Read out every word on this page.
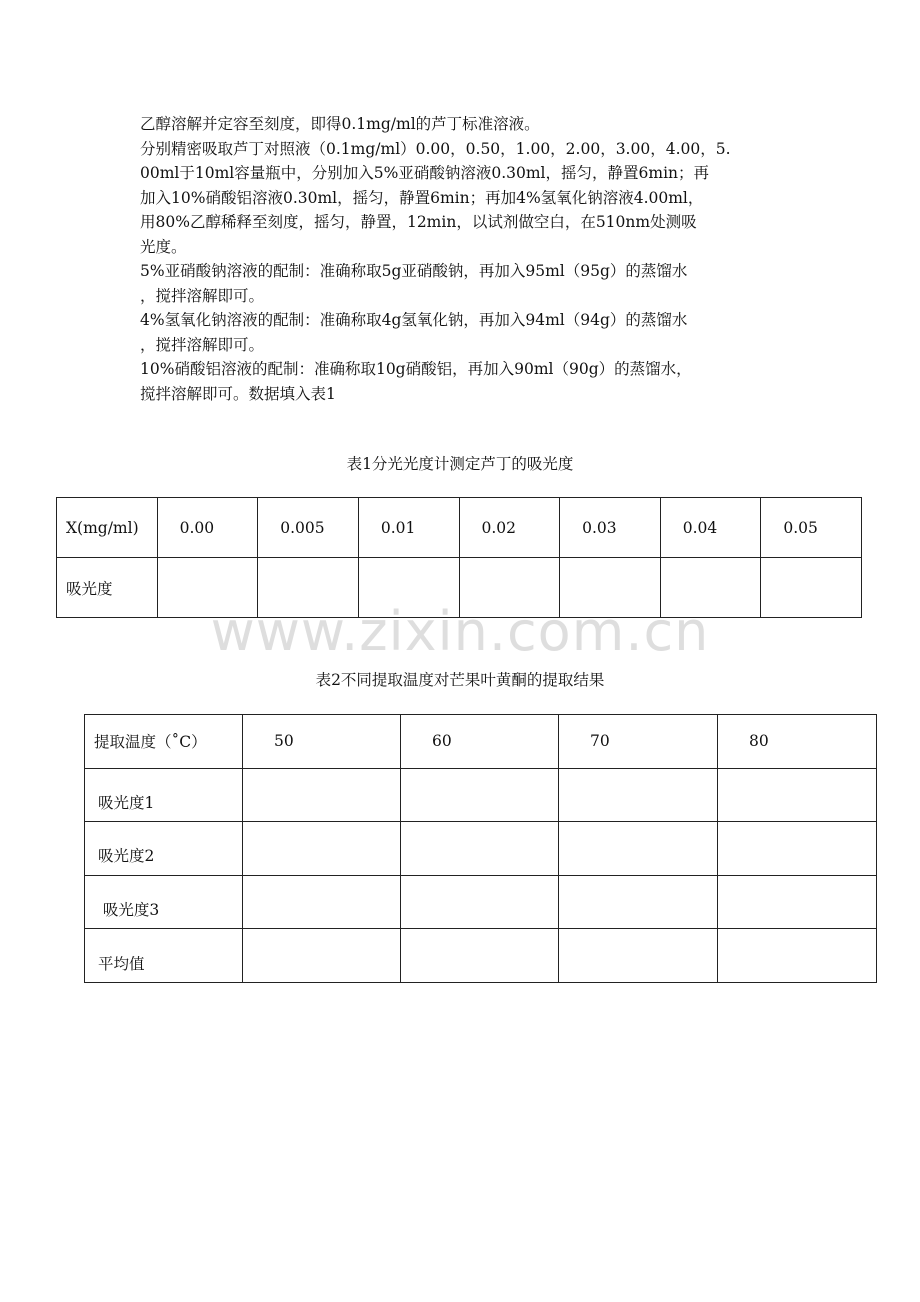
乙醇溶解并定容至刻度，即得0.1mg/ml的芦丁标准溶液。
分别精密吸取芦丁对照液（0.1mg/ml）0.00，0.50，1.00，2.00，3.00，4.00，5.
00ml于10ml容量瓶中，分别加入5%亚硝酸钠溶液0.30ml，摇匀，静置6min；再
加入10%硝酸铝溶液0.30ml，摇匀，静置6min；再加4%氢氧化钠溶液4.00ml，
用80%乙醇稀释至刻度，摇匀，静置，12min，以试剂做空白，在510nm处测吸
光度。
5%亚硝酸钠溶液的配制：准确称取5g亚硝酸钠，再加入95ml（95g）的蒸馏水
，搅拌溶解即可。
4%氢氧化钠溶液的配制：准确称取4g氢氧化钠，再加入94ml（94g）的蒸馏水
，搅拌溶解即可。
10%硝酸铝溶液的配制：准确称取10g硝酸铝，再加入90ml（90g）的蒸馏水，
搅拌溶解即可。数据填入表1
表1分光光度计测定芦丁的吸光度
X(mg/ml)	0.00	0.005	0.01	0.02	0.03	0.04	0.05
吸光度							
www.zixin.com.cn
表2不同提取温度对芒果叶黄酮的提取结果
提取温度（˚C）	50	60	70	80
吸光度1				
吸光度2				
吸光度3				
平均值				
